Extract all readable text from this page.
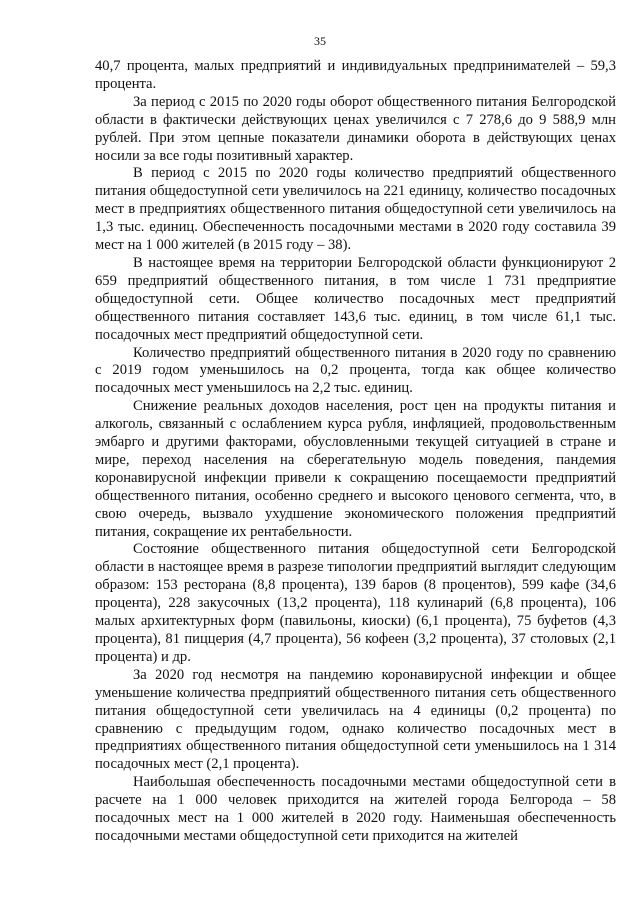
35

40,7 процента, малых предприятий и индивидуальных предпринимателей – 59,3 процента.

За период с 2015 по 2020 годы оборот общественного питания Белгородской области в фактически действующих ценах увеличился с 7 278,6 до 9 588,9 млн рублей. При этом цепные показатели динамики оборота в действующих ценах носили за все годы позитивный характер.

В период с 2015 по 2020 годы количество предприятий общественного питания общедоступной сети увеличилось на 221 единицу, количество посадочных мест в предприятиях общественного питания общедоступной сети увеличилось на 1,3 тыс. единиц. Обеспеченность посадочными местами в 2020 году составила 39 мест на 1 000 жителей (в 2015 году – 38).

В настоящее время на территории Белгородской области функционируют 2 659 предприятий общественного питания, в том числе 1 731 предприятие общедоступной сети. Общее количество посадочных мест предприятий общественного питания составляет 143,6 тыс. единиц, в том числе 61,1 тыс. посадочных мест предприятий общедоступной сети.

Количество предприятий общественного питания в 2020 году по сравнению с 2019 годом уменьшилось на 0,2 процента, тогда как общее количество посадочных мест уменьшилось на 2,2 тыс. единиц.

Снижение реальных доходов населения, рост цен на продукты питания и алкоголь, связанный с ослаблением курса рубля, инфляцией, продовольственным эмбарго и другими факторами, обусловленными текущей ситуацией в стране и мире, переход населения на сберегательную модель поведения, пандемия коронавирусной инфекции привели к сокращению посещаемости предприятий общественного питания, особенно среднего и высокого ценового сегмента, что, в свою очередь, вызвало ухудшение экономического положения предприятий питания, сокращение их рентабельности.

Состояние общественного питания общедоступной сети Белгородской области в настоящее время в разрезе типологии предприятий выглядит следующим образом: 153 ресторана (8,8 процента), 139 баров (8 процентов), 599 кафе (34,6 процента), 228 закусочных (13,2 процента), 118 кулинарий (6,8 процента), 106 малых архитектурных форм (павильоны, киоски) (6,1 процента), 75 буфетов (4,3 процента), 81 пиццерия (4,7 процента), 56 кофеен (3,2 процента), 37 столовых (2,1 процента) и др.

За 2020 год несмотря на пандемию коронавирусной инфекции и общее уменьшение количества предприятий общественного питания сеть общественного питания общедоступной сети увеличилась на 4 единицы (0,2 процента) по сравнению с предыдущим годом, однако количество посадочных мест в предприятиях общественного питания общедоступной сети уменьшилось на 1 314 посадочных мест (2,1 процента).

Наибольшая обеспеченность посадочными местами общедоступной сети в расчете на 1 000 человек приходится на жителей города Белгорода – 58 посадочных мест на 1 000 жителей в 2020 году. Наименьшая обеспеченность посадочными местами общедоступной сети приходится на жителей
